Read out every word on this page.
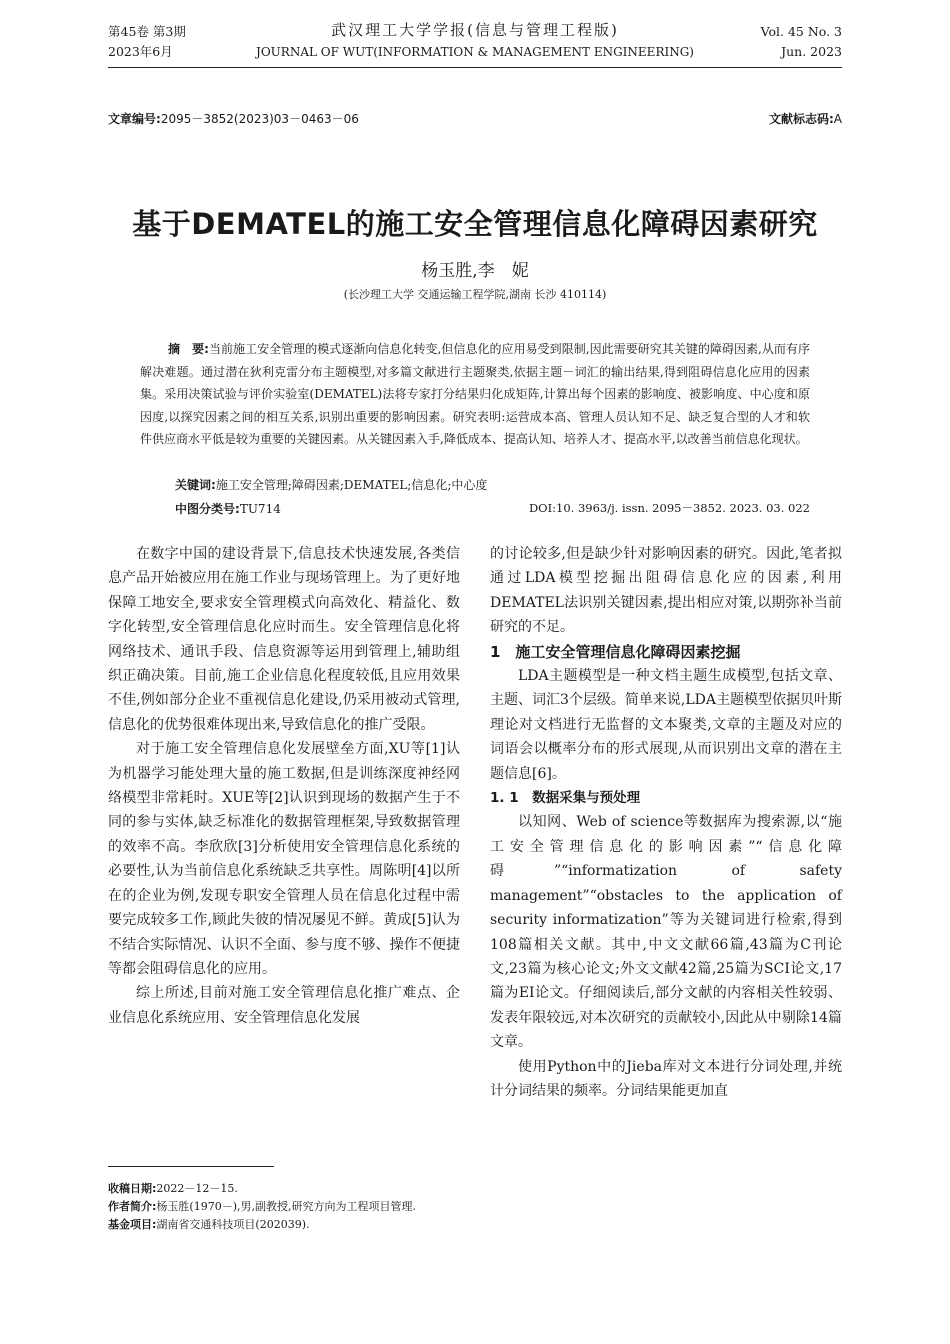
第45卷 第3期
2023年6月
武汉理工大学学报(信息与管理工程版)
JOURNAL OF WUT(INFORMATION & MANAGEMENT ENGINEERING)
Vol. 45 No. 3
Jun. 2023
文章编号:2095－3852(2023)03－0463－06	文献标志码:A
基于DEMATEL的施工安全管理信息化障碍因素研究
杨玉胜,李　妮
(长沙理工大学 交通运输工程学院,湖南 长沙 410114)
摘　要:当前施工安全管理的模式逐渐向信息化转变,但信息化的应用易受到限制,因此需要研究其关键的障碍因素,从而有序解决难题。通过潜在狄利克雷分布主题模型,对多篇文献进行主题聚类,依据主题－词汇的输出结果,得到阻碍信息化应用的因素集。采用决策试验与评价实验室(DEMATEL)法将专家打分结果归化成矩阵,计算出每个因素的影响度、被影响度、中心度和原因度,以探究因素之间的相互关系,识别出重要的影响因素。研究表明:运营成本高、管理人员认知不足、缺乏复合型的人才和软件供应商水平低是较为重要的关键因素。从关键因素入手,降低成本、提高认知、培养人才、提高水平,以改善当前信息化现状。
关键词:施工安全管理;障碍因素;DEMATEL;信息化;中心度
中图分类号:TU714	DOI:10. 3963/j. issn. 2095－3852. 2023. 03. 022

在数字中国的建设背景下,信息技术快速发展,各类信息产品开始被应用在施工作业与现场管理上。为了更好地保障工地安全,要求安全管理模式向高效化、精益化、数字化转型,安全管理信息化应时而生。安全管理信息化将网络技术、通讯手段、信息资源等运用到管理上,辅助组织正确决策。目前,施工企业信息化程度较低,且应用效果不佳,例如部分企业不重视信息化建设,仍采用被动式管理,信息化的优势很难体现出来,导致信息化的推广受限。

对于施工安全管理信息化发展壁垒方面,XU等[1]认为机器学习能处理大量的施工数据,但是训练深度神经网络模型非常耗时。XUE等[2]认识到现场的数据产生于不同的参与实体,缺乏标准化的数据管理框架,导致数据管理的效率不高。李欣欣[3]分析使用安全管理信息化系统的必要性,认为当前信息化系统缺乏共享性。周陈明[4]以所在的企业为例,发现专职安全管理人员在信息化过程中需要完成较多工作,顾此失彼的情况屡见不鲜。黄成[5]认为不结合实际情况、认识不全面、参与度不够、操作不便捷等都会阻碍信息化的应用。

综上所述,目前对施工安全管理信息化推广难点、企业信息化系统应用、安全管理信息化发展

的讨论较多,但是缺少针对影响因素的研究。因此,笔者拟通过LDA模型挖掘出阻碍信息化应的因素,利用DEMATEL法识别关键因素,提出相应对策,以期弥补当前研究的不足。

1　施工安全管理信息化障碍因素挖掘

LDA主题模型是一种文档主题生成模型,包括文章、主题、词汇3个层级。简单来说,LDA主题模型依据贝叶斯理论对文档进行无监督的文本聚类,文章的主题及对应的词语会以概率分布的形式展现,从而识别出文章的潜在主题信息[6]。

1. 1　数据采集与预处理

以知网、Web of science等数据库为搜索源,以“施工安全管理信息化的影响因素”“信息化障碍”“informatization of safety management”“obstacles to the application of security informatization”等为关键词进行检索,得到108篇相关文献。其中,中文文献66篇,43篇为C刊论文,23篇为核心论文;外文文献42篇,25篇为SCI论文,17篇为EI论文。仔细阅读后,部分文献的内容相关性较弱、发表年限较远,对本次研究的贡献较小,因此从中剔除14篇文章。

使用Python中的Jieba库对文本进行分词处理,并统计分词结果的频率。分词结果能更加直

收稿日期:2022－12－15.
作者简介:杨玉胜(1970－),男,副教授,研究方向为工程项目管理.
基金项目:湖南省交通科技项目(202039).
